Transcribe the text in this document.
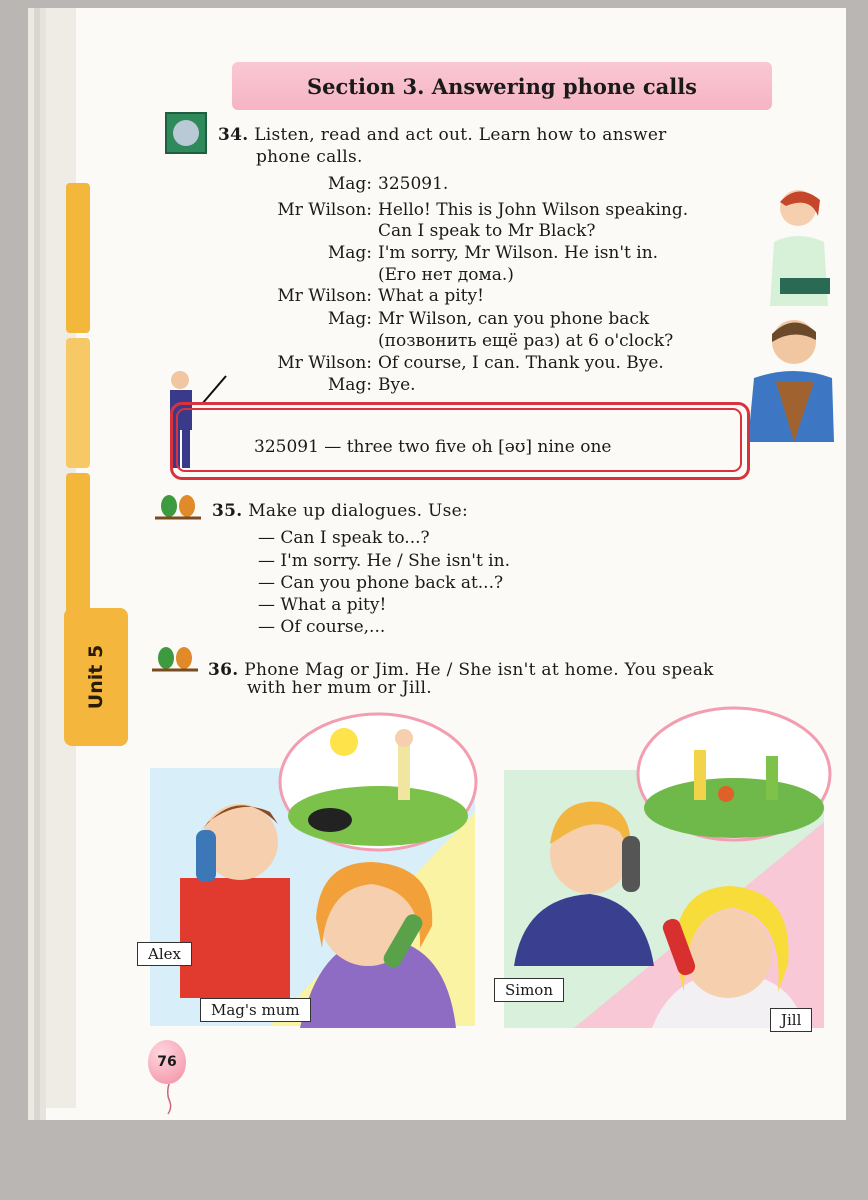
Unit 5
Section 3. Answering phone calls
34. Listen, read and act out. Learn how to answer
phone calls.
Mag: 325091.
Mr Wilson: Hello! This is John Wilson speaking.
Can I speak to Mr Black?
Mag: I'm sorry, Mr Wilson. He isn't in.
(Его нет дома.)
Mr Wilson: What a pity!
Mag: Mr Wilson, can you phone back
(позвонить ещё раз) at 6 o'clock?
Mr Wilson: Of course, I can. Thank you. Bye.
Mag: Bye.
325091 — three two five oh [əʊ] nine one
35. Make up dialogues. Use:
— Can I speak to...?
— I'm sorry. He / She isn't in.
— Can you phone back at...?
— What a pity!
— Of course,...
36. Phone Mag or Jim. He / She isn't at home. You speak
with her mum or Jill.
Alex
Mag's mum
Simon
Jill
76
